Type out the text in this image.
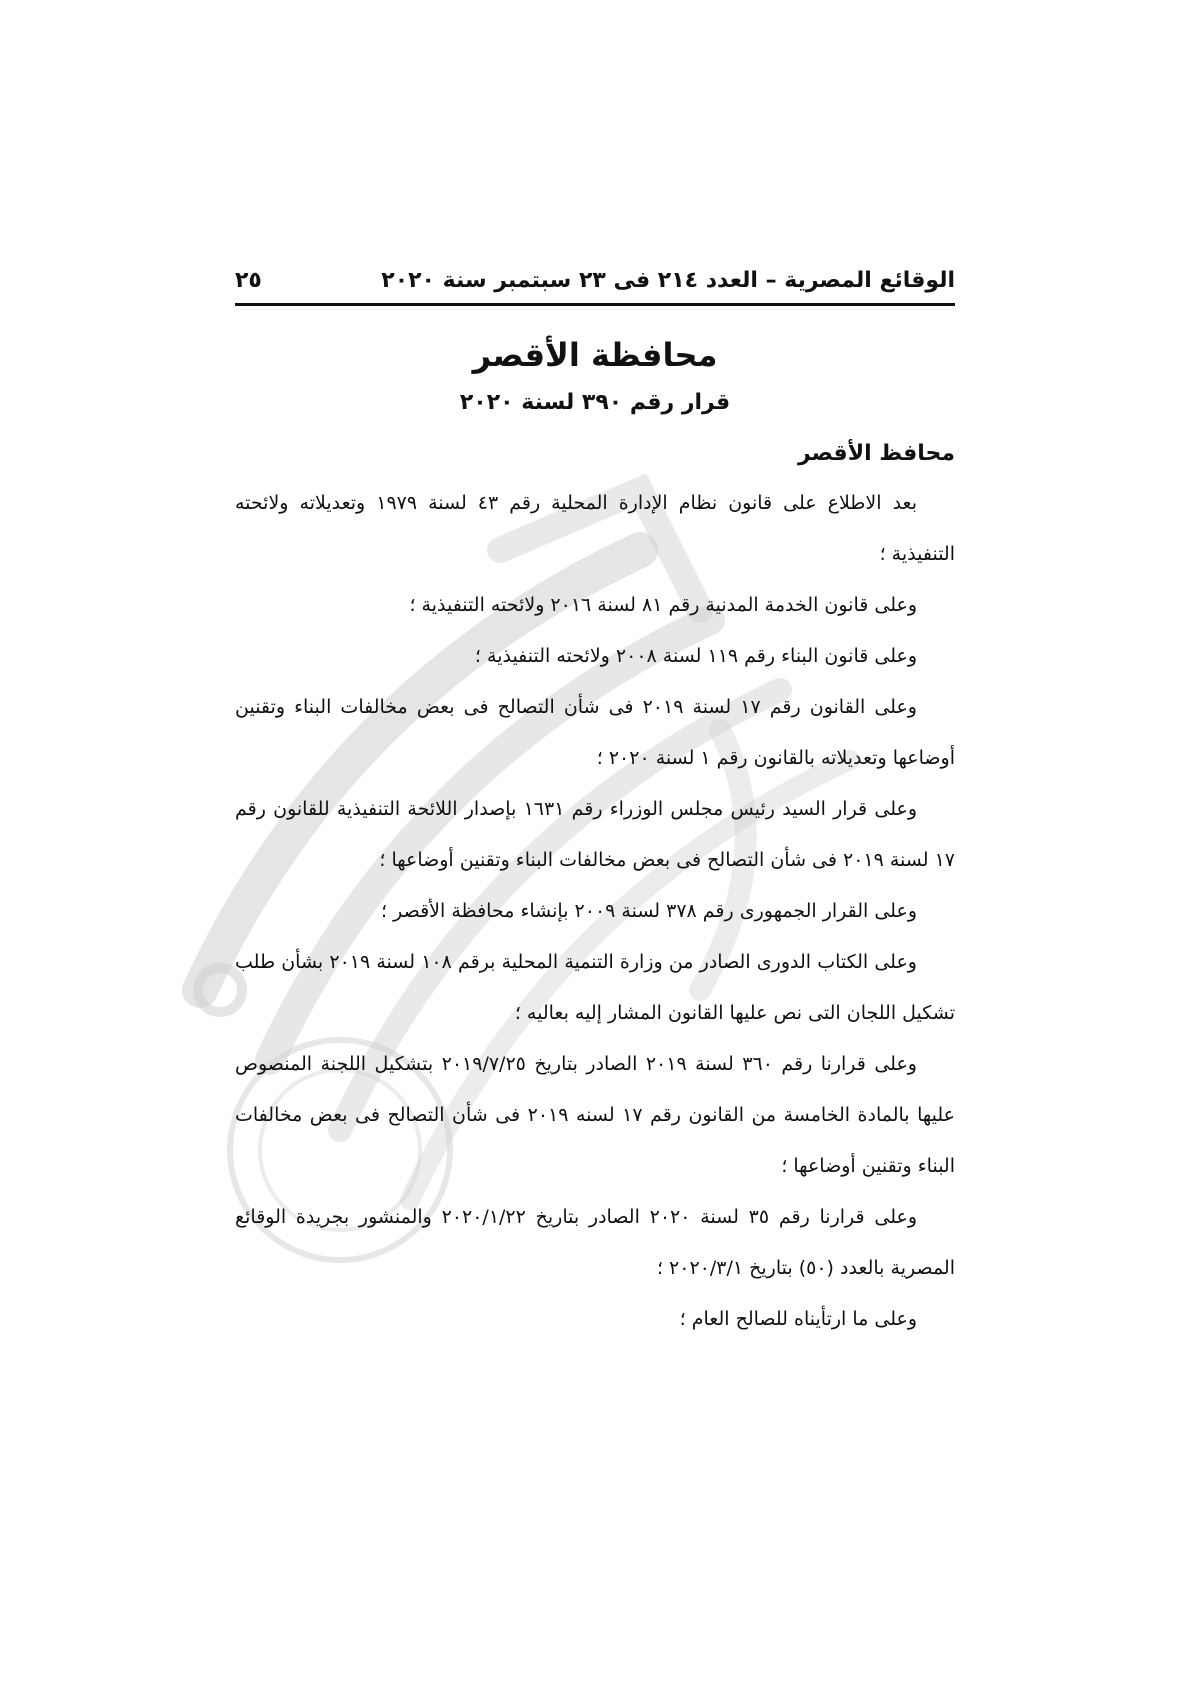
الوقائع المصرية – العدد ٢١٤ فى ٢٣ سبتمبر سنة ٢٠٢٠
٢٥
محافظة الأقصر
قرار رقم ٣٩٠ لسنة ٢٠٢٠
محافظ الأقصر

بعد الاطلاع على قانون نظام الإدارة المحلية رقم ٤٣ لسنة ١٩٧٩ وتعديلاته ولائحته التنفيذية ؛

وعلى قانون الخدمة المدنية رقم ٨١ لسنة ٢٠١٦ ولائحته التنفيذية ؛

وعلى قانون البناء رقم ١١٩ لسنة ٢٠٠٨ ولائحته التنفيذية ؛

وعلى القانون رقم ١٧ لسنة ٢٠١٩ فى شأن التصالح فى بعض مخالفات البناء وتقنين أوضاعها وتعديلاته بالقانون رقم ١ لسنة ٢٠٢٠ ؛

وعلى قرار السيد رئيس مجلس الوزراء رقم ١٦٣١ بإصدار اللائحة التنفيذية للقانون رقم ١٧ لسنة ٢٠١٩ فى شأن التصالح فى بعض مخالفات البناء وتقنين أوضاعها ؛

وعلى القرار الجمهورى رقم ٣٧٨ لسنة ٢٠٠٩ بإنشاء محافظة الأقصر ؛

وعلى الكتاب الدورى الصادر من وزارة التنمية المحلية برقم ١٠٨ لسنة ٢٠١٩ بشأن طلب تشكيل اللجان التى نص عليها القانون المشار إليه بعاليه ؛

وعلى قرارنا رقم ٣٦٠ لسنة ٢٠١٩ الصادر بتاريخ ٢٠١٩/٧/٢٥ بتشكيل اللجنة المنصوص عليها بالمادة الخامسة من القانون رقم ١٧ لسنه ٢٠١٩ فى شأن التصالح فى بعض مخالفات البناء وتقنين أوضاعها ؛

وعلى قرارنا رقم ٣٥ لسنة ٢٠٢٠ الصادر بتاريخ ٢٠٢٠/١/٢٢ والمنشور بجريدة الوقائع المصرية بالعدد (٥٠) بتاريخ ٢٠٢٠/٣/١ ؛

وعلى ما ارتأيناه للصالح العام ؛
